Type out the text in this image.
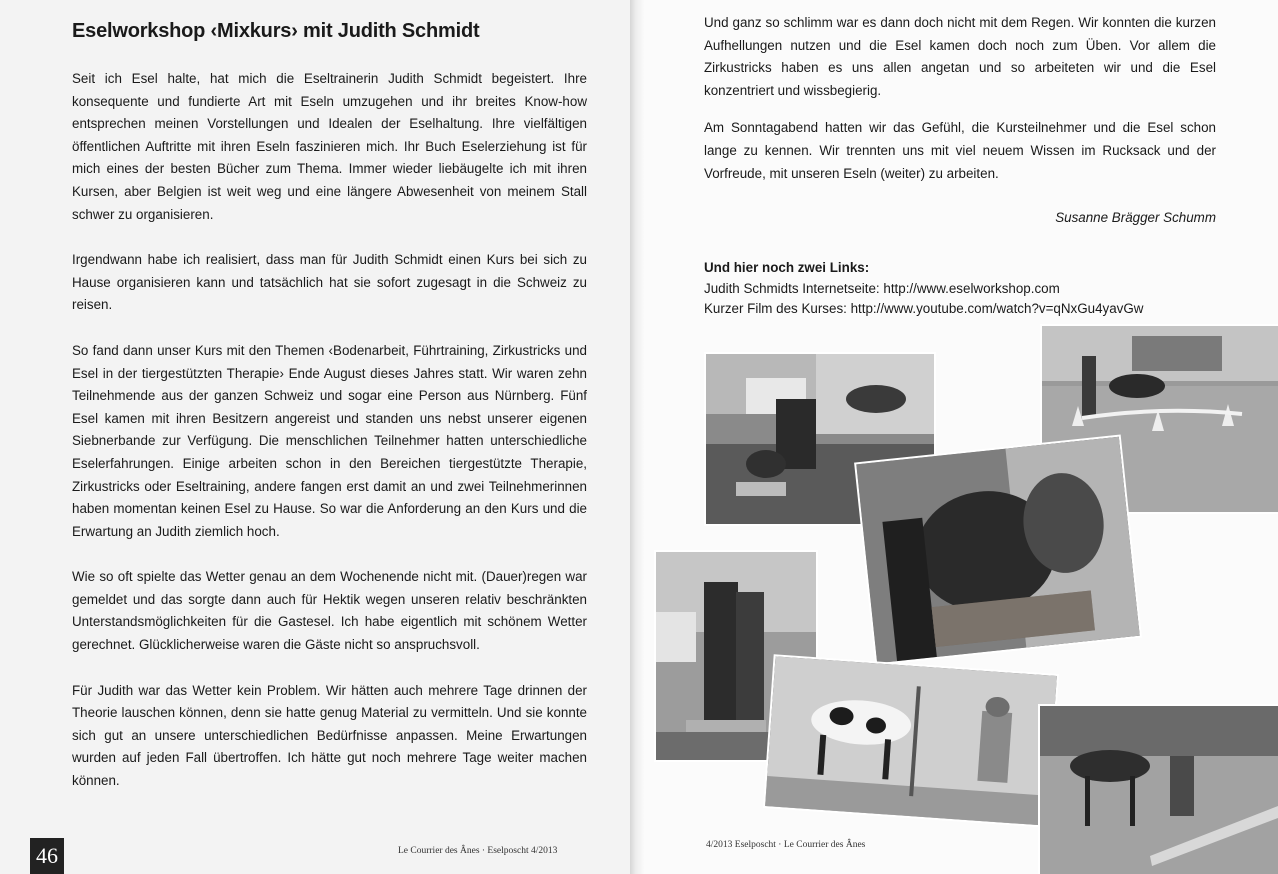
Eselworkshop ‹Mixkurs› mit Judith Schmidt

Seit ich Esel halte, hat mich die Eseltrainerin Judith Schmidt begeistert. Ihre konsequente und fundierte Art mit Eseln umzugehen und ihr breites Know-how entsprechen meinen Vorstellungen und Idealen der Eselhaltung. Ihre vielfältigen öffentlichen Auftritte mit ihren Eseln faszinieren mich. Ihr Buch Eselerziehung ist für mich eines der besten Bücher zum Thema. Immer wieder liebäugelte ich mit ihren Kursen, aber Belgien ist weit weg und eine längere Abwesenheit von meinem Stall schwer zu organisieren.

Irgendwann habe ich realisiert, dass man für Judith Schmidt einen Kurs bei sich zu Hause organisieren kann und tatsächlich hat sie sofort zugesagt in die Schweiz zu reisen.

So fand dann unser Kurs mit den Themen ‹Bodenarbeit, Führtraining, Zirkustricks und Esel in der tiergestützten Therapie› Ende August dieses Jahres statt. Wir waren zehn Teilnehmende aus der ganzen Schweiz und sogar eine Person aus Nürnberg. Fünf Esel kamen mit ihren Besitzern angereist und standen uns nebst unserer eigenen Siebnerbande zur Verfügung. Die menschlichen Teilnehmer hatten unterschiedliche Eselerfahrungen. Einige arbeiten schon in den Bereichen tiergestützte Therapie, Zirkustricks oder Eseltraining, andere fangen erst damit an und zwei Teilnehmerinnen haben momentan keinen Esel zu Hause. So war die Anforderung an den Kurs und die Erwartung an Judith ziemlich hoch.

Wie so oft spielte das Wetter genau an dem Wochenende nicht mit. (Dauer)regen war gemeldet und das sorgte dann auch für Hektik wegen unseren relativ beschränkten Unterstandsmöglichkeiten für die Gastesel. Ich habe eigentlich mit schönem Wetter gerechnet. Glücklicherweise waren die Gäste nicht so anspruchsvoll.

Für Judith war das Wetter kein Problem. Wir hätten auch mehrere Tage drinnen der Theorie lauschen können, denn sie hatte genug Material zu vermitteln. Und sie konnte sich gut an unsere unterschiedlichen Bedürfnisse anpassen. Meine Erwartungen wurden auf jeden Fall übertroffen. Ich hätte gut noch mehrere Tage weiter machen können.

46	Le Courrier des Ânes · Eselposcht 4/2013

Und ganz so schlimm war es dann doch nicht mit dem Regen. Wir konnten die kurzen Aufhellungen nutzen und die Esel kamen doch noch zum Üben. Vor allem die Zirkustricks haben es uns allen angetan und so arbeiteten wir und die Esel konzentriert und wissbegierig.

Am Sonntagabend hatten wir das Gefühl, die Kursteilnehmer und die Esel schon lange zu kennen. Wir trennten uns mit viel neuem Wissen im Rucksack und der Vorfreude, mit unseren Eseln (weiter) zu arbeiten.

Susanne Brägger Schumm
Und hier noch zwei Links:
Judith Schmidts Internetseite: http://www.eselworkshop.com
Kurzer Film des Kurses: http://www.youtube.com/watch?v=qNxGu4yavGw
4/2013 Eselposcht · Le Courrier des Ânes
